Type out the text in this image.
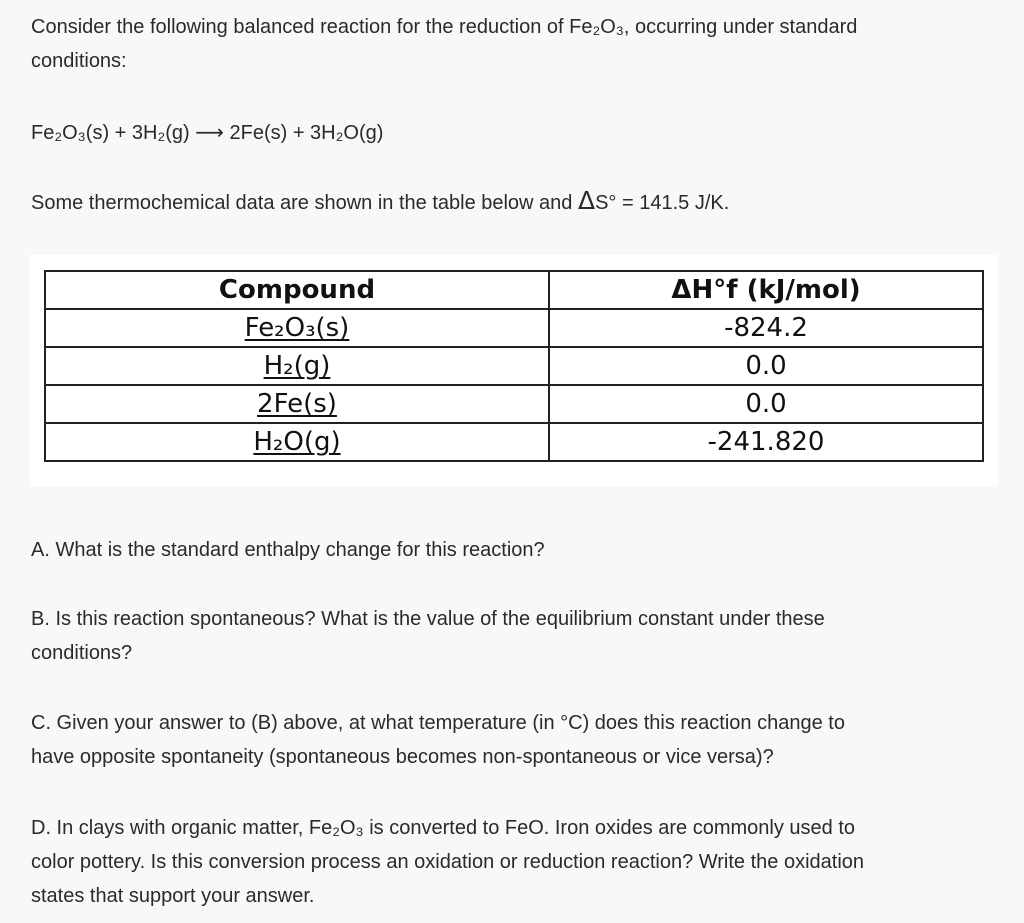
Consider the following balanced reaction for the reduction of Fe₂O₃, occurring under standard

conditions:

Fe₂O₃(s) + 3H₂(g) ⟶ 2Fe(s) + 3H₂O(g)

Some thermochemical data are shown in the table below and ΔS° = 141.5 J/K.

Compound	ΔH°f (kJ/mol)
Fe₂O₃(s)	-824.2
H₂(g)	0.0
2Fe(s)	0.0
H₂O(g)	-241.820

A. What is the standard enthalpy change for this reaction?

B. Is this reaction spontaneous? What is the value of the equilibrium constant under these

conditions?

C. Given your answer to (B) above, at what temperature (in °C) does this reaction change to

have opposite spontaneity (spontaneous becomes non-spontaneous or vice versa)?

D. In clays with organic matter, Fe₂O₃ is converted to FeO. Iron oxides are commonly used to

color pottery. Is this conversion process an oxidation or reduction reaction? Write the oxidation

states that support your answer.
